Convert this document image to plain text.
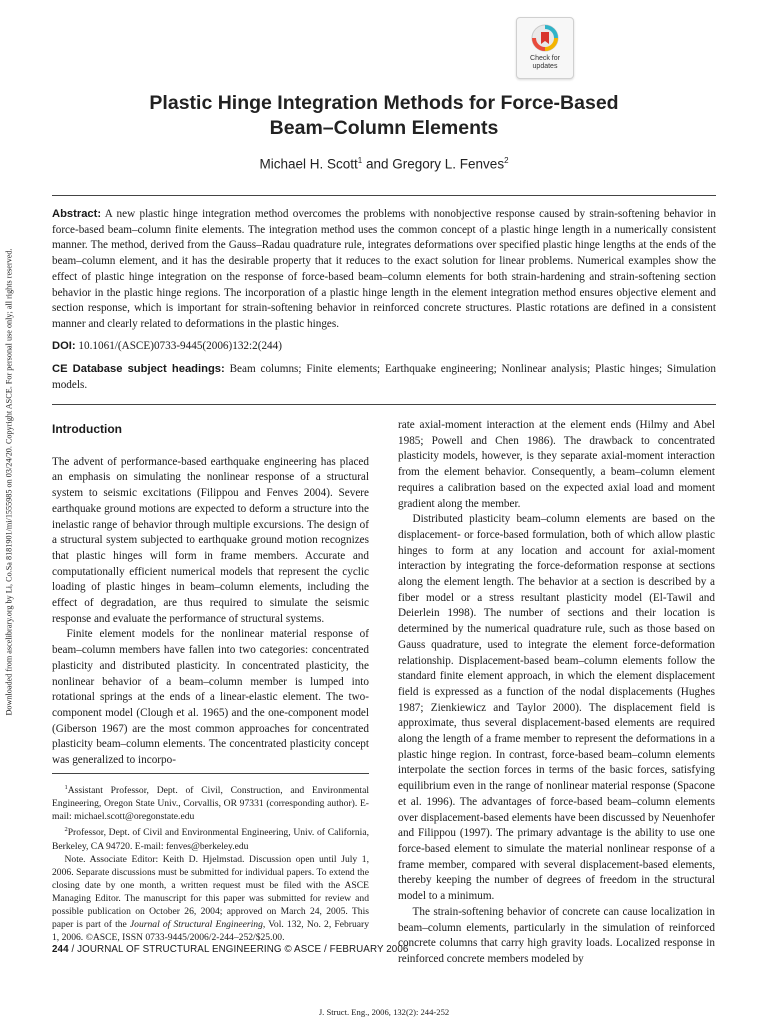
Downloaded from ascelibrary.org by Li, Co.Sa 8181901/mi/1555985 on 03/24/20. Copyright ASCE. For personal use only; all rights reserved.
Check for
updates
Plastic Hinge Integration Methods for Force-Based
Beam–Column Elements
Michael H. Scott$^1$ and Gregory L. Fenves$^2$
Abstract: A new plastic hinge integration method overcomes the problems with nonobjective response caused by strain-softening behavior in force-based beam–column finite elements. The integration method uses the common concept of a plastic hinge length in a numerically consistent manner. The method, derived from the Gauss–Radau quadrature rule, integrates deformations over specified plastic hinge lengths at the ends of the beam–column element, and it has the desirable property that it reduces to the exact solution for linear problems. Numerical examples show the effect of plastic hinge integration on the response of force-based beam–column elements for both strain-hardening and strain-softening section behavior in the plastic hinge regions. The incorporation of a plastic hinge length in the element integration method ensures objective element and section response, which is important for strain-softening behavior in reinforced concrete structures. Plastic rotations are defined in a consistent manner and clearly related to deformations in the plastic hinges.
DOI: 10.1061/(ASCE)0733-9445(2006)132:2(244)
CE Database subject headings: Beam columns; Finite elements; Earthquake engineering; Nonlinear analysis; Plastic hinges; Simulation models.
Introduction

The advent of performance-based earthquake engineering has placed an emphasis on simulating the nonlinear response of a structural system to seismic excitations (Filippou and Fenves 2004). Severe earthquake ground motions are expected to deform a structure into the inelastic range of behavior through multiple excursions. The design of a structural system subjected to earthquake ground motion recognizes that plastic hinges will form in frame members. Accurate and computationally efficient numerical models that represent the cyclic loading of plastic hinges in beam–column elements, including the effect of degradation, are thus required to simulate the seismic response and evaluate the performance of structural systems.

Finite element models for the nonlinear material response of beam–column members have fallen into two categories: concentrated plasticity and distributed plasticity. In concentrated plasticity, the nonlinear behavior of a beam–column member is lumped into rotational springs at the ends of a linear-elastic element. The two-component model (Clough et al. 1965) and the one-component model (Giberson 1967) are the most common approaches for concentrated plasticity beam–column elements. The concentrated plasticity concept was generalized to incorpo-

rate axial-moment interaction at the element ends (Hilmy and Abel 1985; Powell and Chen 1986). The drawback to concentrated plasticity models, however, is they separate axial-moment interaction from the element behavior. Consequently, a beam–column element requires a calibration based on the expected axial load and moment gradient along the member.

Distributed plasticity beam–column elements are based on the displacement- or force-based formulation, both of which allow plastic hinges to form at any location and account for axial-moment interaction by integrating the force-deformation response at sections along the element length. The behavior at a section is described by a fiber model or a stress resultant plasticity model (El-Tawil and Deierlein 1998). The number of sections and their location is determined by the numerical quadrature rule, such as those based on Gauss quadrature, used to integrate the element force-deformation relationship. Displacement-based beam–column elements follow the standard finite element approach, in which the element displacement field is expressed as a function of the nodal displacements (Hughes 1987; Zienkiewicz and Taylor 2000). The displacement field is approximate, thus several displacement-based elements are required along the length of a frame member to represent the deformations in a plastic hinge region. In contrast, force-based beam–column elements interpolate the section forces in terms of the basic forces, satisfying equilibrium even in the range of nonlinear material response (Spacone et al. 1996). The advantages of force-based beam–column elements over displacement-based elements have been discussed by Neuenhofer and Filippou (1997). The primary advantage is the ability to use one force-based element to simulate the material nonlinear response of a frame member, compared with several displacement-based elements, thereby keeping the number of degrees of freedom in the structural model to a minimum.

The strain-softening behavior of concrete can cause localization in beam–column elements, particularly in the simulation of reinforced concrete columns that carry high gravity loads. Localized response in reinforced concrete members modeled by

$^1$Assistant Professor, Dept. of Civil, Construction, and Environmental Engineering, Oregon State Univ., Corvallis, OR 97331 (corresponding author). E-mail: michael.scott@oregonstate.edu

$^2$Professor, Dept. of Civil and Environmental Engineering, Univ. of California, Berkeley, CA 94720. E-mail: fenves@berkeley.edu

Note. Associate Editor: Keith D. Hjelmstad. Discussion open until July 1, 2006. Separate discussions must be submitted for individual papers. To extend the closing date by one month, a written request must be filed with the ASCE Managing Editor. The manuscript for this paper was submitted for review and possible publication on October 26, 2004; approved on March 24, 2005. This paper is part of the Journal of Structural Engineering, Vol. 132, No. 2, February 1, 2006. ©ASCE, ISSN 0733-9445/2006/2-244–252/$25.00.

244 / JOURNAL OF STRUCTURAL ENGINEERING © ASCE / FEBRUARY 2006
J. Struct. Eng., 2006, 132(2): 244-252
